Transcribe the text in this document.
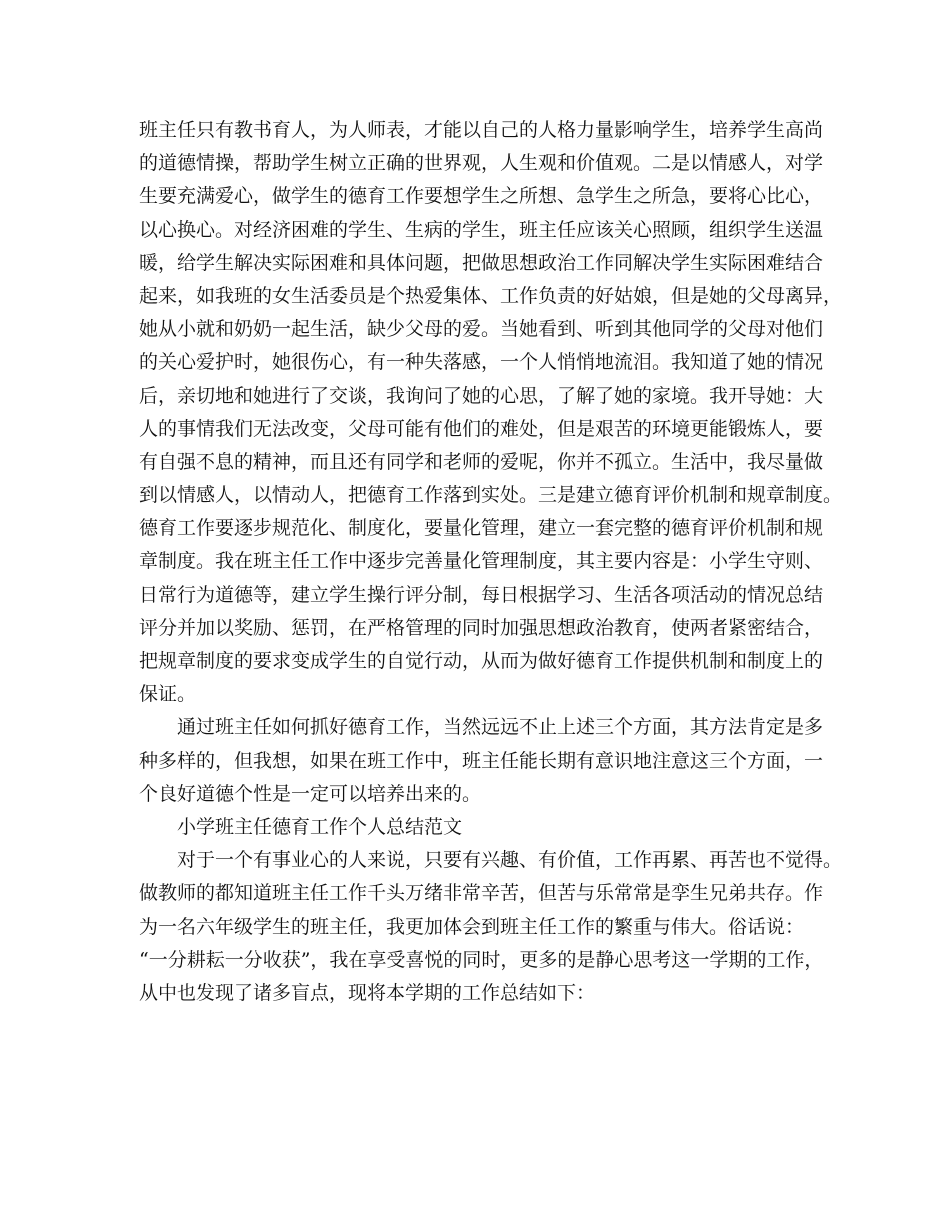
班主任只有教书育人，为人师表，才能以自己的人格力量影响学生，培养学生高尚
的道德情操，帮助学生树立正确的世界观，人生观和价值观。二是以情感人，对学
生要充满爱心，做学生的德育工作要想学生之所想、急学生之所急，要将心比心，
以心换心。对经济困难的学生、生病的学生，班主任应该关心照顾，组织学生送温
暖，给学生解决实际困难和具体问题，把做思想政治工作同解决学生实际困难结合
起来，如我班的女生活委员是个热爱集体、工作负责的好姑娘，但是她的父母离异，
她从小就和奶奶一起生活，缺少父母的爱。当她看到、听到其他同学的父母对他们
的关心爱护时，她很伤心，有一种失落感，一个人悄悄地流泪。我知道了她的情况
后，亲切地和她进行了交谈，我询问了她的心思，了解了她的家境。我开导她：大
人的事情我们无法改变，父母可能有他们的难处，但是艰苦的环境更能锻炼人，要
有自强不息的精神，而且还有同学和老师的爱呢，你并不孤立。生活中，我尽量做
到以情感人，以情动人，把德育工作落到实处。三是建立德育评价机制和规章制度。
德育工作要逐步规范化、制度化，要量化管理，建立一套完整的德育评价机制和规
章制度。我在班主任工作中逐步完善量化管理制度，其主要内容是：小学生守则、
日常行为道德等，建立学生操行评分制，每日根据学习、生活各项活动的情况总结
评分并加以奖励、惩罚，在严格管理的同时加强思想政治教育，使两者紧密结合，
把规章制度的要求变成学生的自觉行动，从而为做好德育工作提供机制和制度上的
保证。
通过班主任如何抓好德育工作，当然远远不止上述三个方面，其方法肯定是多
种多样的，但我想，如果在班工作中，班主任能长期有意识地注意这三个方面，一
个良好道德个性是一定可以培养出来的。
小学班主任德育工作个人总结范文
对于一个有事业心的人来说，只要有兴趣、有价值，工作再累、再苦也不觉得。
做教师的都知道班主任工作千头万绪非常辛苦，但苦与乐常常是孪生兄弟共存。作
为一名六年级学生的班主任，我更加体会到班主任工作的繁重与伟大。俗话说：
“一分耕耘一分收获”，我在享受喜悦的同时，更多的是静心思考这一学期的工作，
从中也发现了诸多盲点，现将本学期的工作总结如下：
